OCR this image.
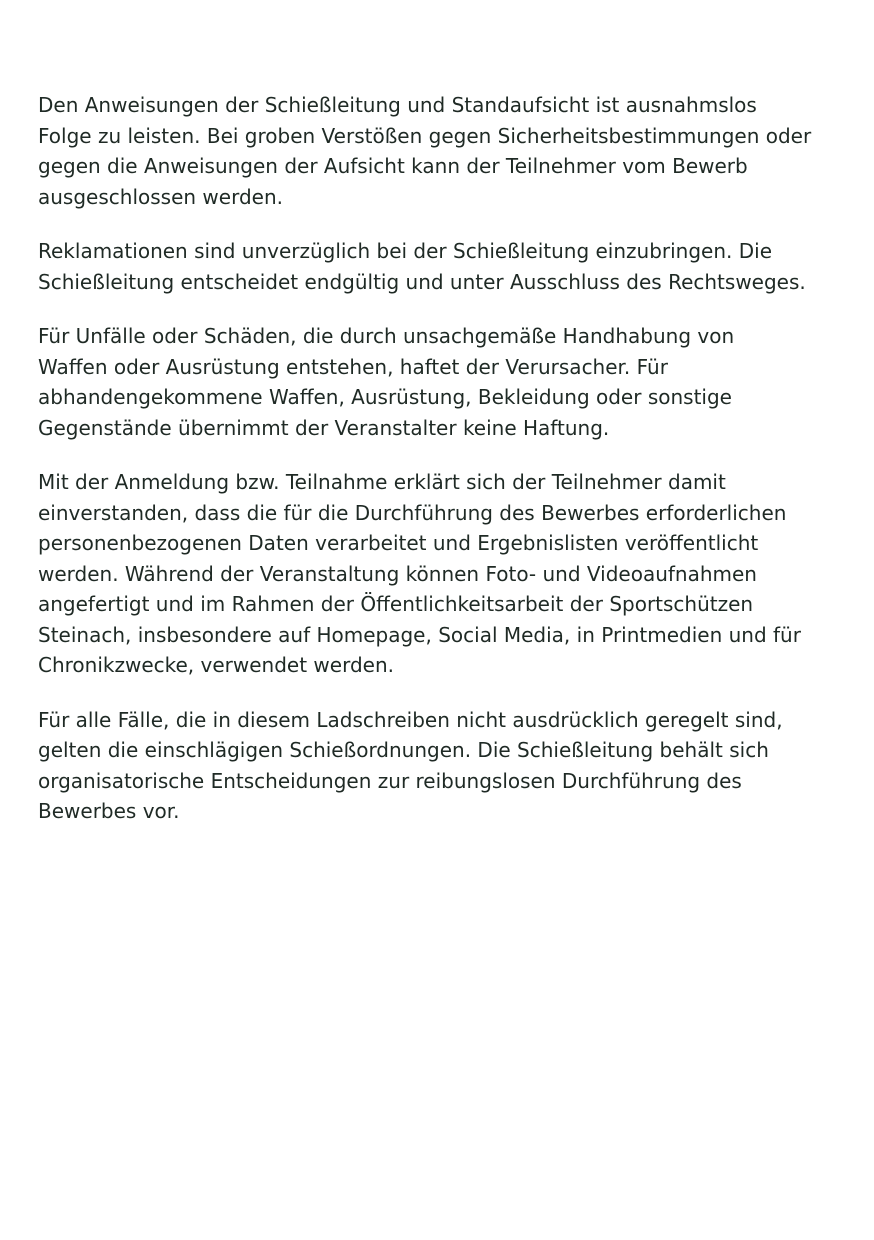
Den Anweisungen der Schießleitung und Standaufsicht ist ausnahmslos
Folge zu leisten. Bei groben Verstößen gegen Sicherheitsbestimmungen oder
gegen die Anweisungen der Aufsicht kann der Teilnehmer vom Bewerb
ausgeschlossen werden.

Reklamationen sind unverzüglich bei der Schießleitung einzubringen. Die
Schießleitung entscheidet endgültig und unter Ausschluss des Rechtsweges.

Für Unfälle oder Schäden, die durch unsachgemäße Handhabung von
Waffen oder Ausrüstung entstehen, haftet der Verursacher. Für
abhandengekommene Waffen, Ausrüstung, Bekleidung oder sonstige
Gegenstände übernimmt der Veranstalter keine Haftung.

Mit der Anmeldung bzw. Teilnahme erklärt sich der Teilnehmer damit
einverstanden, dass die für die Durchführung des Bewerbes erforderlichen
personenbezogenen Daten verarbeitet und Ergebnislisten veröffentlicht
werden. Während der Veranstaltung können Foto- und Videoaufnahmen
angefertigt und im Rahmen der Öffentlichkeitsarbeit der Sportschützen
Steinach, insbesondere auf Homepage, Social Media, in Printmedien und für
Chronikzwecke, verwendet werden.

Für alle Fälle, die in diesem Ladschreiben nicht ausdrücklich geregelt sind,
gelten die einschlägigen Schießordnungen. Die Schießleitung behält sich
organisatorische Entscheidungen zur reibungslosen Durchführung des
Bewerbes vor.
